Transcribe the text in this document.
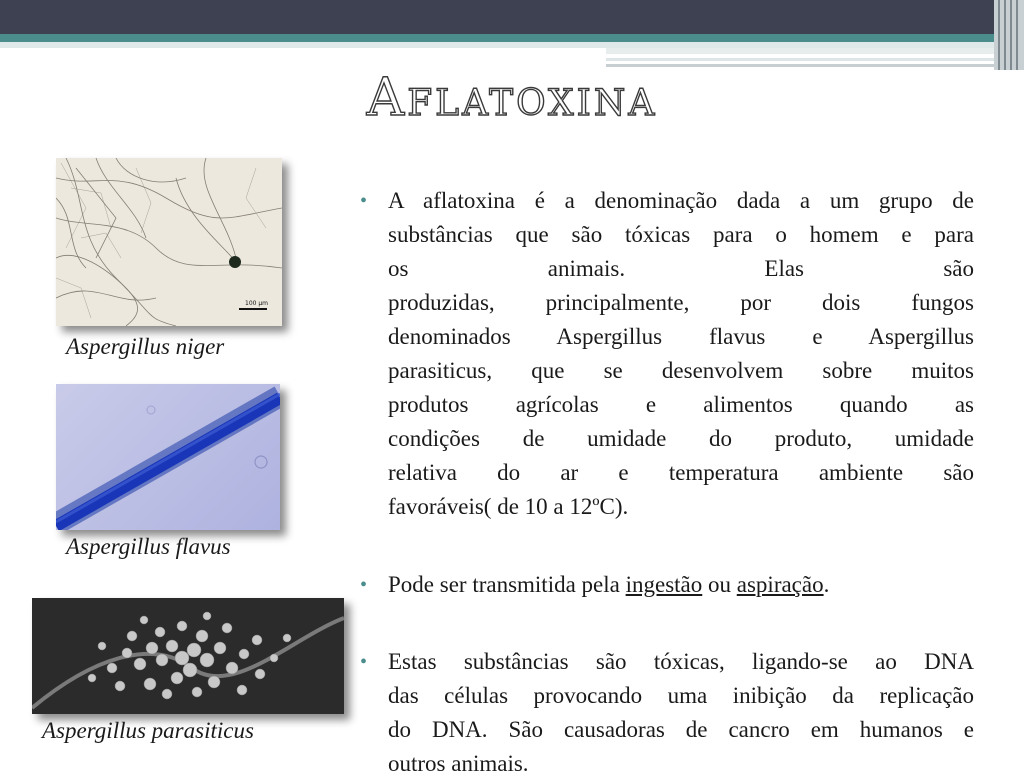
Aflatoxina
100 µm
Aspergillus niger
Aspergillus flavus
Aspergillus parasiticus
• A aflatoxina é a denominação dada a um grupo de
substâncias que são tóxicas para o homem e para
os animais. Elas são
produzidas, principalmente, por dois fungos
denominados Aspergillus flavus e Aspergillus
parasiticus, que se desenvolvem sobre muitos
produtos agrícolas e alimentos quando as
condições de umidade do produto, umidade
relativa do ar e temperatura ambiente são
favoráveis( de 10 a 12ºC).
• Pode ser transmitida pela ingestão ou aspiração.
• Estas substâncias são tóxicas, ligando-se ao DNA
das células provocando uma inibição da replicação
do DNA. São causadoras de cancro em humanos e
outros animais.
